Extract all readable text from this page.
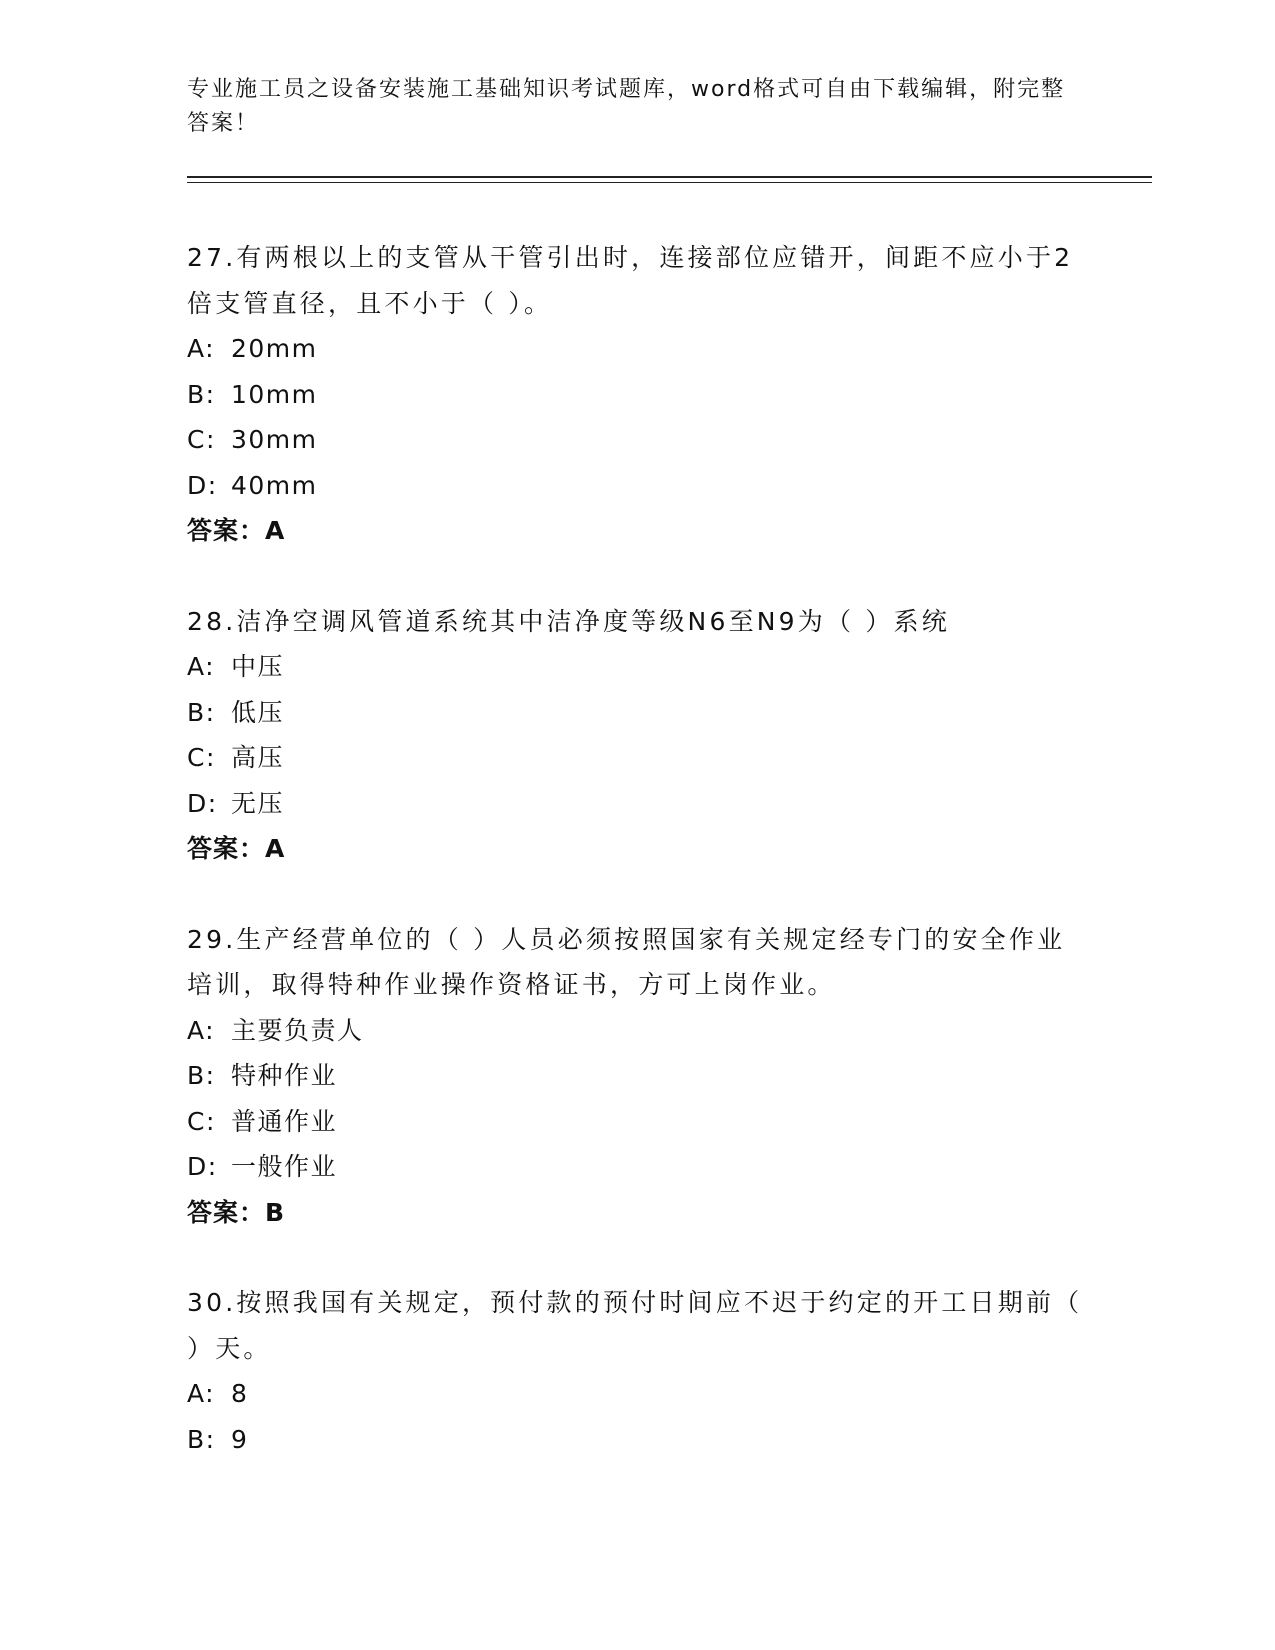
专业施工员之设备安装施工基础知识考试题库，word格式可自由下载编辑，附完整答案！

27.有两根以上的支管从干管引出时，连接部位应错开，间距不应小于2倍支管直径，且不小于（ ）。

A: 20mm
B: 10mm
C: 30mm
D: 40mm
答案：A

28.洁净空调风管道系统其中洁净度等级N6至N9为（ ）系统

A: 中压
B: 低压
C: 高压
D: 无压
答案：A

29.生产经营单位的（ ）人员必须按照国家有关规定经专门的安全作业培训，取得特种作业操作资格证书，方可上岗作业。

A: 主要负责人
B: 特种作业
C: 普通作业
D: 一般作业
答案：B

30.按照我国有关规定，预付款的预付时间应不迟于约定的开工日期前（ ）天。

A: 8
B: 9
